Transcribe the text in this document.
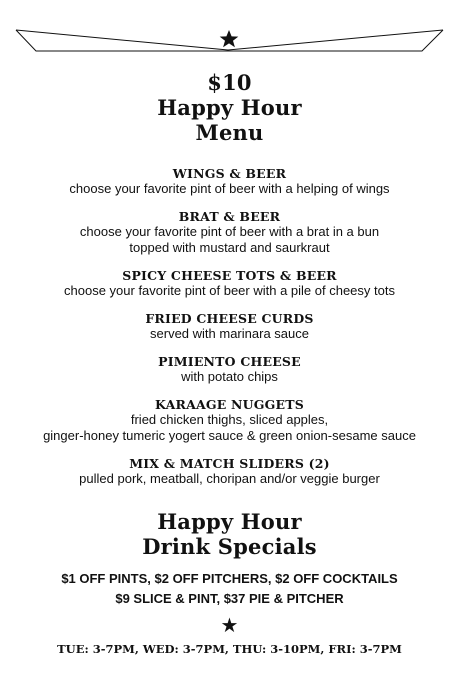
$10
Happy Hour
Menu
WINGS & BEER
choose your favorite pint of beer with a helping of wings
BRAT & BEER
choose your favorite pint of beer with a brat in a bun
topped with mustard and saurkraut
SPICY CHEESE TOTS & BEER
choose your favorite pint of beer with a pile of cheesy tots
FRIED CHEESE CURDS
served with marinara sauce
PIMIENTO CHEESE
with potato chips
KARAAGE NUGGETS
fried chicken thighs, sliced apples,
ginger-honey tumeric yogert sauce & green onion-sesame sauce
MIX & MATCH SLIDERS (2)
pulled pork, meatball, choripan and/or veggie burger
Happy Hour
Drink Specials
$1 OFF PINTS, $2 OFF PITCHERS, $2 OFF COCKTAILS
$9 SLICE & PINT, $37 PIE & PITCHER
★
TUE: 3-7PM, WED: 3-7PM, THU: 3-10PM, FRI: 3-7PM
